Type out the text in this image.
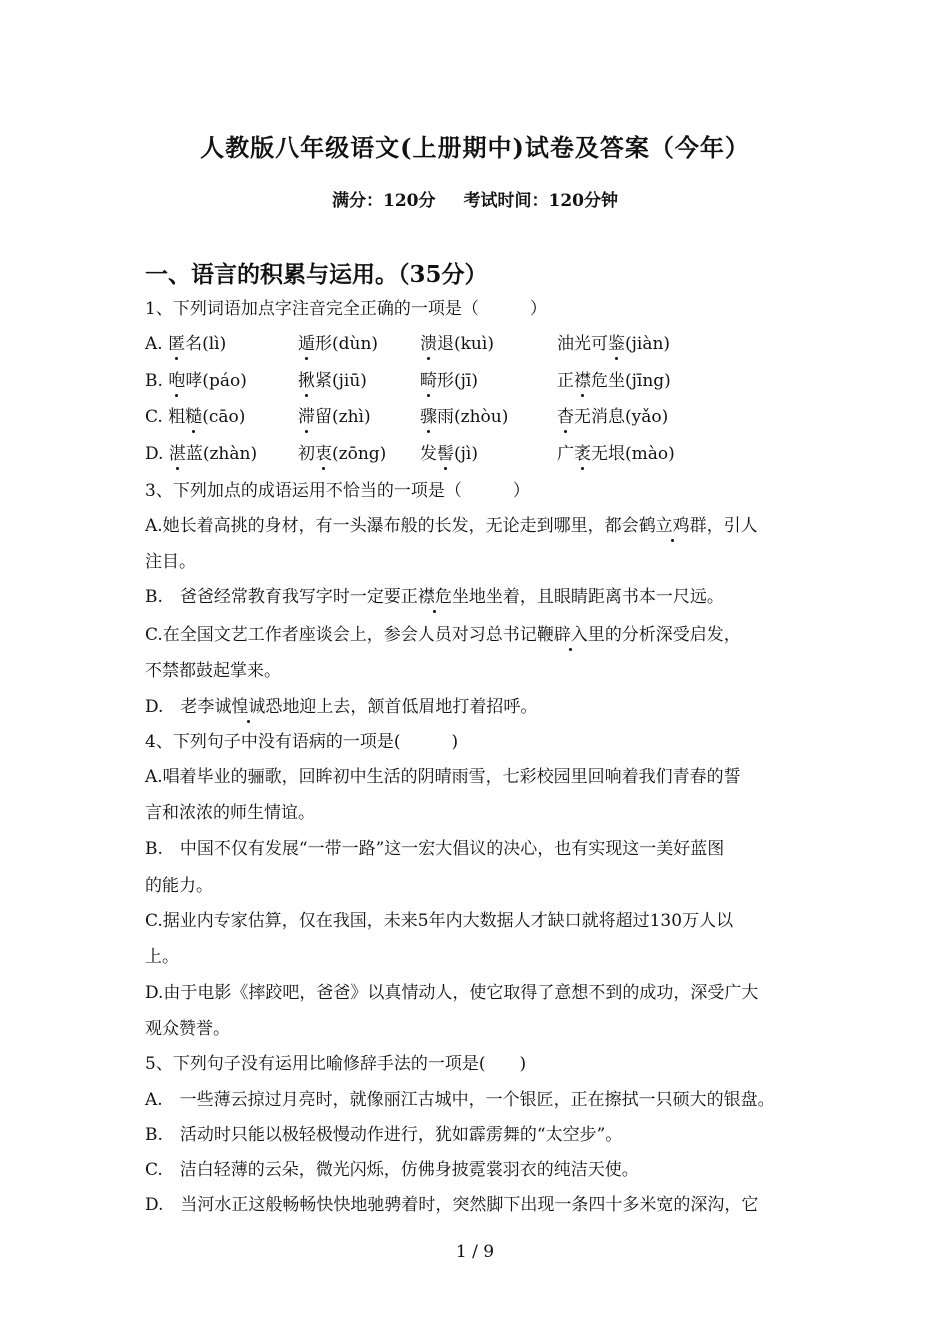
人教版八年级语文(上册期中)试卷及答案（今年）
满分：120分 考试时间：120分钟
一、语言的积累与运用。（35分）
1、下列词语加点字注音完全正确的一项是（　　　）
A. 匿名(lì)	遁形(dùn) 溃退(kuì)	油光可鉴(jiàn)
B. 咆哮(páo)	揪紧(jiū)	畸形(jī)	正襟危坐(jīng)
C. 粗糙(cāo)	滞留(zhì)	骤雨(zhòu)	杳无消息(yǎo)
D. 湛蓝(zhàn) 初衷(zōng) 发髻(jì)	广袤无垠(mào)
3、下列加点的成语运用不恰当的一项是（　　　）
A.她长着高挑的身材，有一头瀑布般的长发，无论走到哪里，都会鹤立鸡群，引人
注目。
B.　爸爸经常教育我写字时一定要正襟危坐地坐着，且眼睛距离书本一尺远。
C.在全国文艺工作者座谈会上，参会人员对习总书记鞭辟入里的分析深受启发，
不禁都鼓起掌来。
D.　老李诚惶诚恐地迎上去，颔首低眉地打着招呼。
4、下列句子中没有语病的一项是(　　　)
A.唱着毕业的骊歌，回眸初中生活的阴晴雨雪，七彩校园里回响着我们青春的誓
言和浓浓的师生情谊。
B.　中国不仅有发展“一带一路”这一宏大倡议的决心，也有实现这一美好蓝图
的能力。
C.据业内专家估算，仅在我国，未来5年内大数据人才缺口就将超过130万人以
上。
D.由于电影《摔跤吧，爸爸》以真情动人，使它取得了意想不到的成功，深受广大
观众赞誉。
5、下列句子没有运用比喻修辞手法的一项是(　　)
A.　一些薄云掠过月亮时，就像丽江古城中，一个银匠，正在擦拭一只硕大的银盘。
B.　活动时只能以极轻极慢动作进行，犹如霹雳舞的“太空步”。
C.　洁白轻薄的云朵，微光闪烁，仿佛身披霓裳羽衣的纯洁天使。
D.　当河水正这般畅畅快快地驰骋着时，突然脚下出现一条四十多米宽的深沟，它
1 / 9
